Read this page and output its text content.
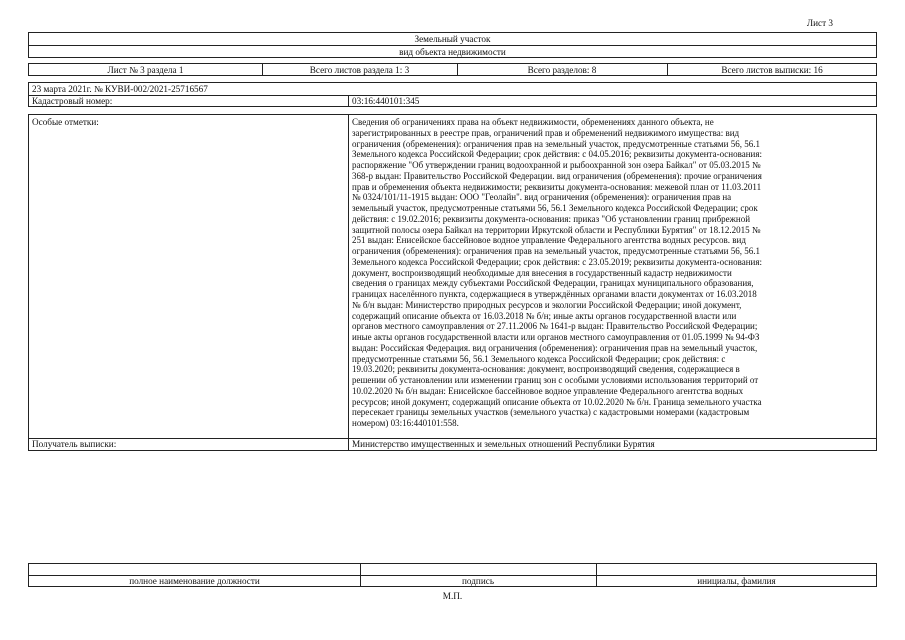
Лист 3
Земельный участок
вид объекта недвижимости
Лист № 3 раздела 1	Всего листов раздела 1: 3	Всего разделов: 8	Всего листов выписки: 16
23 марта 2021г. № КУВИ-002/2021-25716567
Кадастровый номер:	03:16:440101:345
Особые отметки:	Сведения об ограничениях права на объект недвижимости, обременениях данного объекта, не
зарегистрированных в реестре прав, ограничений прав и обременений недвижимого имущества: вид
ограничения (обременения): ограничения прав на земельный участок, предусмотренные статьями 56, 56.1
Земельного кодекса Российской Федерации; срок действия: с 04.05.2016; реквизиты документа-основания:
распоряжение "Об утверждении границ водоохранной и рыбоохранной зон озера Байкал" от 05.03.2015 №
368-р выдан: Правительство Российской Федерации. вид ограничения (обременения): прочие ограничения
прав и обременения объекта недвижимости; реквизиты документа-основания: межевой план от 11.03.2011
№ 0324/101/11-1915 выдан: ООО "Геолайн". вид ограничения (обременения): ограничения прав на
земельный участок, предусмотренные статьями 56, 56.1 Земельного кодекса Российской Федерации; срок
действия: с 19.02.2016; реквизиты документа-основания: приказ "Об установлении границ прибрежной
защитной полосы озера Байкал на территории Иркутской области и Республики Бурятия" от 18.12.2015 №
251 выдан: Енисейское бассейновое водное управление Федерального агентства водных ресурсов. вид
ограничения (обременения): ограничения прав на земельный участок, предусмотренные статьями 56, 56.1
Земельного кодекса Российской Федерации; срок действия: с 23.05.2019; реквизиты документа-основания:
документ, воспроизводящий необходимые для внесения в государственный кадастр недвижимости
сведения о границах между субъектами Российской Федерации, границах муниципального образования,
границах населённого пункта, содержащиеся в утверждённых органами власти документах от 16.03.2018
№ б/н выдан: Министерство природных ресурсов и экологии Российской Федерации; иной документ,
содержащий описание объекта от 16.03.2018 № б/н; иные акты органов государственной власти или
органов местного самоуправления от 27.11.2006 № 1641-р выдан: Правительство Российской Федерации;
иные акты органов государственной власти или органов местного самоуправления от 01.05.1999 № 94-ФЗ
выдан: Российская Федерация. вид ограничения (обременения): ограничения прав на земельный участок,
предусмотренные статьями 56, 56.1 Земельного кодекса Российской Федерации; срок действия: с
19.03.2020; реквизиты документа-основания: документ, воспроизводящий сведения, содержащиеся в
решении об установлении или изменении границ зон с особыми условиями использования территорий от
10.02.2020 № б/н выдан: Енисейское бассейновое водное управление Федерального агентства водных
ресурсов; иной документ, содержащий описание объекта от 10.02.2020 № б/н. Граница земельного участка
пересекает границы земельных участков (земельного участка) с кадастровыми номерами (кадастровым
номером) 03:16:440101:558.
Получатель выписки:	Министерство имущественных и земельных отношений Республики Бурятия
полное наименование должности	подпись	инициалы, фамилия
М.П.
